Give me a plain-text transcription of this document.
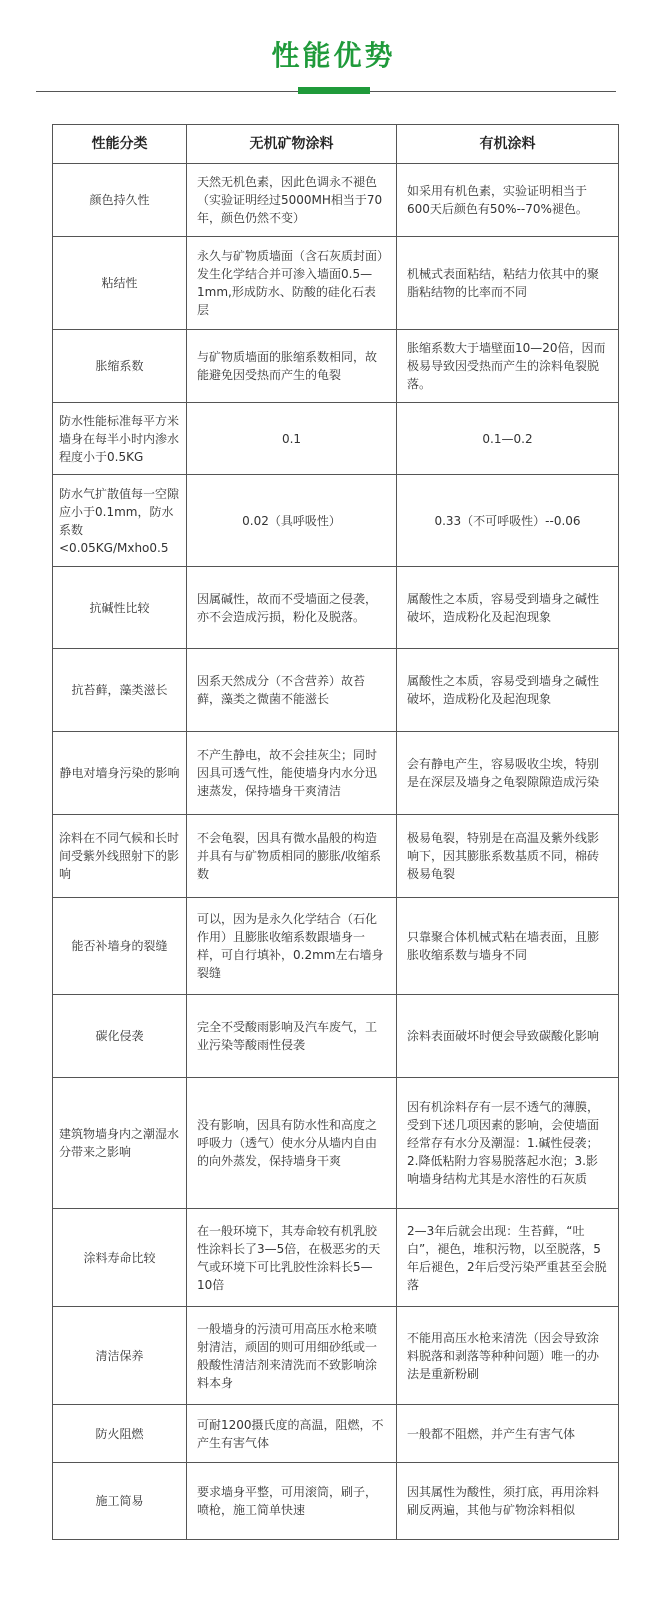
性能优势
性能分类	无机矿物涂料	有机涂料
颜色持久性	天然无机色素，因此色调永不褪色（实验证明经过5000MH相当于70年，颜色仍然不变）	如采用有机色素，实验证明相当于600天后颜色有50%--70%褪色。
粘结性	永久与矿物质墙面（含石灰质封面）发生化学结合并可渗入墙面0.5—1mm,形成防水、防酸的硅化石表层	机械式表面粘结，粘结力依其中的聚脂粘结物的比率而不同
胀缩系数	与矿物质墙面的胀缩系数相同，故能避免因受热而产生的龟裂	胀缩系数大于墙壁面10—20倍，因而极易导致因受热而产生的涂料龟裂脱落。
防水性能标准每平方米墙身在每半小时内渗水程度小于0.5KG	0.1	0.1—0.2
防水气扩散值每一空隙应小于0.1mm，防水系数<0.05KG/Mxho0.5	0.02（具呼吸性）	0.33（不可呼吸性）--0.06
抗碱性比较	因属碱性，故而不受墙面之侵袭，亦不会造成污损，粉化及脱落。	属酸性之本质，容易受到墙身之碱性破坏，造成粉化及起泡现象
抗苔藓，藻类滋长	因系天然成分（不含营养）故苔藓，藻类之微菌不能滋长	属酸性之本质，容易受到墙身之碱性破坏，造成粉化及起泡现象
静电对墙身污染的影响	不产生静电，故不会挂灰尘；同时因具可透气性，能使墙身内水分迅速蒸发，保持墙身干爽清洁	会有静电产生，容易吸收尘埃，特别是在深层及墙身之龟裂隙隙造成污染
涂料在不同气候和长时间受紫外线照射下的影响	不会龟裂，因具有微水晶般的构造并具有与矿物质相同的膨胀/收缩系数	极易龟裂，特别是在高温及紫外线影响下，因其膨胀系数基质不同，棉砖极易龟裂
能否补墙身的裂缝	可以，因为是永久化学结合（石化作用）且膨胀收缩系数跟墙身一样，可自行填补，0.2mm左右墙身裂缝	只靠聚合体机械式粘在墙表面，且膨胀收缩系数与墙身不同
碳化侵袭	完全不受酸雨影响及汽车废气，工业污染等酸雨性侵袭	涂料表面破坏时便会导致碳酸化影响
建筑物墙身内之潮湿水分带来之影响	没有影响，因具有防水性和高度之呼吸力（透气）使水分从墙内自由的向外蒸发，保持墙身干爽	因有机涂料存有一层不透气的薄膜，受到下述几项因素的影响，会使墙面经常存有水分及潮湿：1.碱性侵袭；2.降低粘附力容易脱落起水泡；3.影响墙身结构尤其是水溶性的石灰质
涂料寿命比较	在一般环境下，其寿命较有机乳胶性涂料长了3—5倍，在极恶劣的天气或环境下可比乳胶性涂料长5—10倍	2—3年后就会出现：生苔藓，“吐白”，褪色，堆积污物，以至脱落，5年后褪色，2年后受污染严重甚至会脱落
清洁保养	一般墙身的污渍可用高压水枪来喷射清洁，顽固的则可用细砂纸或一般酸性清洁剂来清洗而不致影响涂料本身	不能用高压水枪来清洗（因会导致涂料脱落和剥落等种种问题）唯一的办法是重新粉刷
防火阻燃	可耐1200摄氏度的高温，阻燃，不产生有害气体	一般都不阻燃，并产生有害气体
施工简易	要求墙身平整，可用滚筒，刷子，喷枪，施工简单快速	因其属性为酸性，须打底，再用涂料刷反两遍，其他与矿物涂料相似
